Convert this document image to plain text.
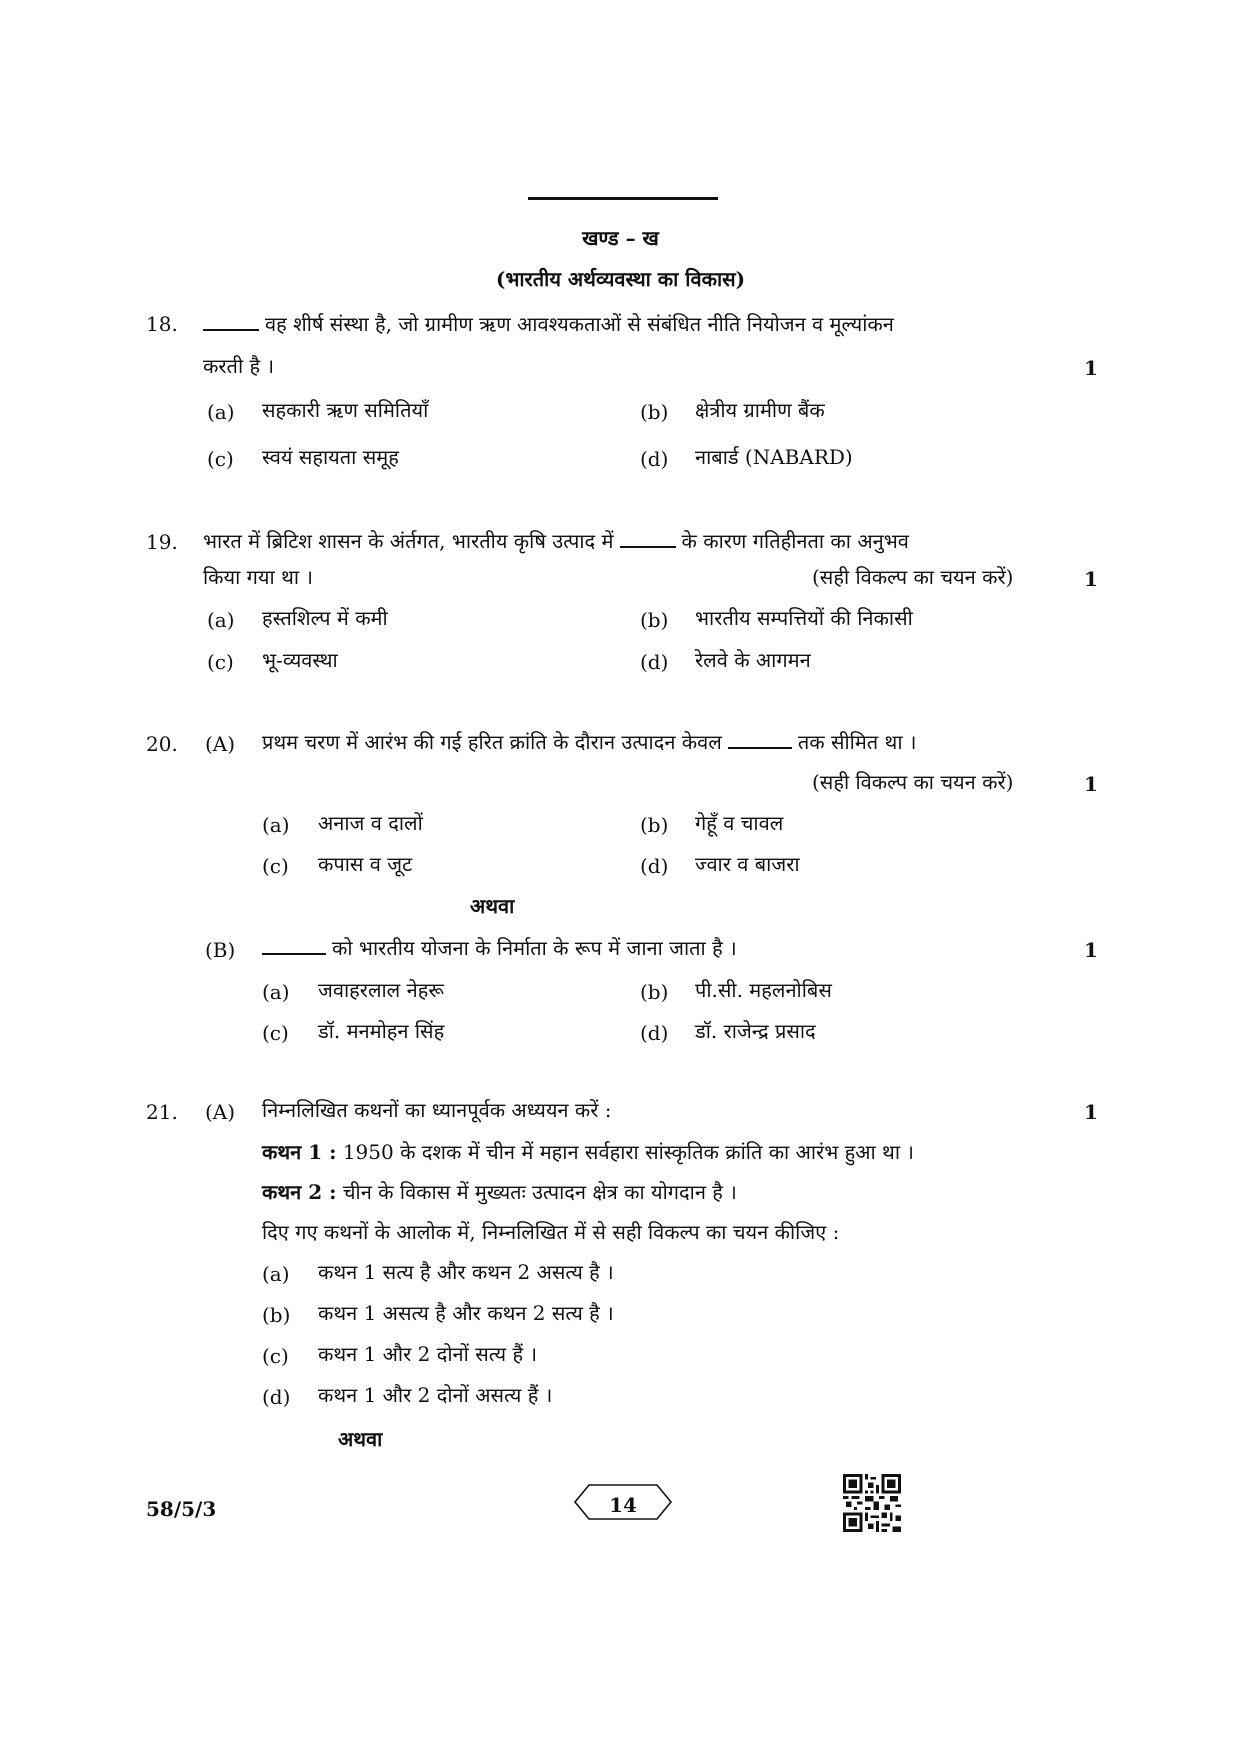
खण्ड – ख
(भारतीय अर्थव्यवस्था का विकास)
18.	वह शीर्ष संस्था है, जो ग्रामीण ऋण आवश्यकताओं से संबंधित नीति नियोजन व मूल्यांकन
करती है ।	1
(a) सहकारी ऋण समितियाँ	(b) क्षेत्रीय ग्रामीण बैंक
(c) स्वयं सहायता समूह	(d) नाबार्ड (NABARD)
19. भारत में ब्रिटिश शासन के अंर्तगत, भारतीय कृषि उत्पाद में	के कारण गतिहीनता का अनुभव
किया गया था ।	(सही विकल्प का चयन करें)	1
(a) हस्तशिल्प में कमी	(b) भारतीय सम्पत्तियों की निकासी
(c) भू-व्यवस्था	(d) रेलवे के आगमन
20. (A) प्रथम चरण में आरंभ की गई हरित क्रांति के दौरान उत्पादन केवल	तक सीमित था ।
(सही विकल्प का चयन करें)	1
(a) अनाज व दालों	(b) गेहूँ व चावल
(c) कपास व जूट	(d) ज्वार व बाजरा
अथवा
(B)	को भारतीय योजना के निर्माता के रूप में जाना जाता है ।	1
(a) जवाहरलाल नेहरू	(b) पी.सी. महलनोबिस
(c) डॉ. मनमोहन सिंह	(d) डॉ. राजेन्द्र प्रसाद
21. (A) निम्नलिखित कथनों का ध्यानपूर्वक अध्ययन करें :	1
कथन 1 : 1950 के दशक में चीन में महान सर्वहारा सांस्कृतिक क्रांति का आरंभ हुआ था ।
कथन 2 : चीन के विकास में मुख्यतः उत्पादन क्षेत्र का योगदान है ।
दिए गए कथनों के आलोक में, निम्नलिखित में से सही विकल्प का चयन कीजिए :
(a) कथन 1 सत्य है और कथन 2 असत्य है ।
(b) कथन 1 असत्य है और कथन 2 सत्य है ।
(c) कथन 1 और 2 दोनों सत्य हैं ।
(d) कथन 1 और 2 दोनों असत्य हैं ।
अथवा
58/5/3	14
